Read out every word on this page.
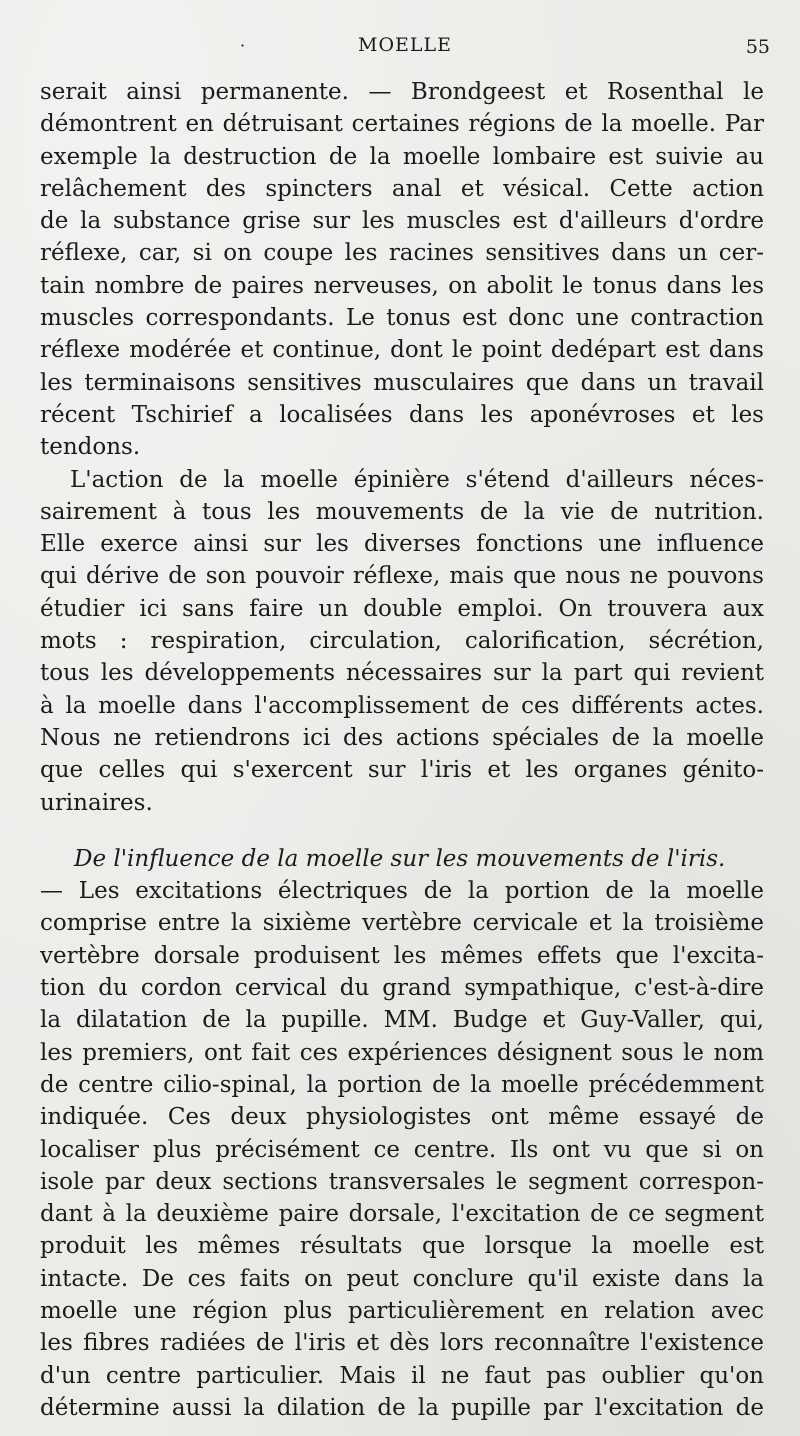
·	MOELLE	55
serait ainsi permanente. — Brondgeest et Rosenthal le
démontrent en détruisant certaines régions de la moelle. Par
exemple la destruction de la moelle lombaire est suivie au
relâchement des spincters anal et vésical. Cette action
de la substance grise sur les muscles est d'ailleurs d'ordre
réflexe, car, si on coupe les racines sensitives dans un cer-
tain nombre de paires nerveuses, on abolit le tonus dans les
muscles correspondants. Le tonus est donc une contraction
réflexe modérée et continue, dont le point dedépart est dans
les terminaisons sensitives musculaires que dans un travail
récent Tschirief a localisées dans les aponévroses et les
tendons.
L'action de la moelle épinière s'étend d'ailleurs néces-
sairement à tous les mouvements de la vie de nutrition.
Elle exerce ainsi sur les diverses fonctions une influence
qui dérive de son pouvoir réflexe, mais que nous ne pouvons
étudier ici sans faire un double emploi. On trouvera aux
mots : respiration, circulation, calorification, sécrétion,
tous les développements nécessaires sur la part qui revient
à la moelle dans l'accomplissement de ces différents actes.
Nous ne retiendrons ici des actions spéciales de la moelle
que celles qui s'exercent sur l'iris et les organes génito-
urinaires.
De l'influence de la moelle sur les mouvements de l'iris.
— Les excitations électriques de la portion de la moelle
comprise entre la sixième vertèbre cervicale et la troisième
vertèbre dorsale produisent les mêmes effets que l'excita-
tion du cordon cervical du grand sympathique, c'est-à-dire
la dilatation de la pupille. MM. Budge et Guy-Valler, qui,
les premiers, ont fait ces expériences désignent sous le nom
de centre cilio-spinal, la portion de la moelle précédemment
indiquée. Ces deux physiologistes ont même essayé de
localiser plus précisément ce centre. Ils ont vu que si on
isole par deux sections transversales le segment correspon-
dant à la deuxième paire dorsale, l'excitation de ce segment
produit les mêmes résultats que lorsque la moelle est
intacte. De ces faits on peut conclure qu'il existe dans la
moelle une région plus particulièrement en relation avec
les fibres radiées de l'iris et dès lors reconnaître l'existence
d'un centre particulier. Mais il ne faut pas oublier qu'on
détermine aussi la dilation de la pupille par l'excitation de
